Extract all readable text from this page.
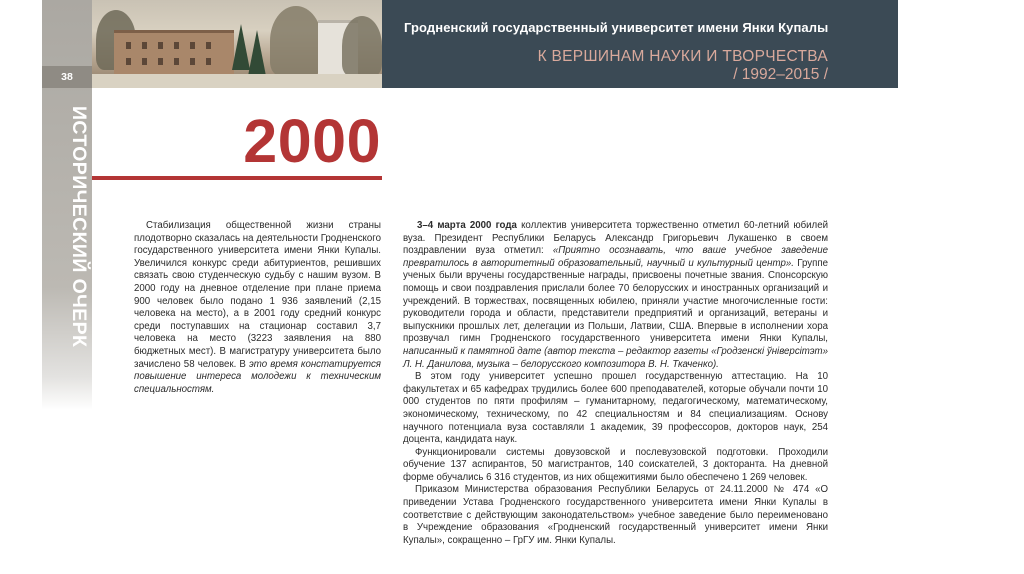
Гродненский государственный университет имени Янки Купалы
К ВЕРШИНАМ НАУКИ И ТВОРЧЕСТВА
/ 1992–2015 /
38
ИСТОРИЧЕСКИЙ ОЧЕРК	2000
Стабилизация общественной жизни страны плодотворно сказалась на деятельности Гродненского государственного университета имени Янки Купалы. Увеличился конкурс среди абитуриентов, решивших связать свою студенческую судьбу с нашим вузом. В 2000 году на дневное отделение при плане приема 900 человек было подано 1 936 заявлений (2,15 человека на место), а в 2001 году средний конкурс среди поступавших на стационар составил 3,7 человека на место (3223 заявления на 880 бюджетных мест). В магистратуру университета было зачислено 58 человек. В это время констатируется повышение интереса молодежи к техническим специальностям.

3–4 марта 2000 года коллектив университета торжественно отметил 60-летний юбилей вуза. Президент Республики Беларусь Александр Григорьевич Лукашенко в своем поздравлении вуза отметил: «Приятно осознавать, что ваше учебное заведение превратилось в авторитетный образовательный, научный и культурный центр». Группе ученых были вручены государственные награды, присвоены почетные звания. Спонсорскую помощь и свои поздравления прислали более 70 белорусских и иностранных организаций и учреждений. В торжествах, посвященных юбилею, приняли участие многочисленные гости: руководители города и области, представители предприятий и организаций, ветераны и выпускники прошлых лет, делегации из Польши, Латвии, США. Впервые в исполнении хора прозвучал гимн Гродненского государственного университета имени Янки Купалы, написанный к памятной дате (автор текста – редактор газеты «Гродзенскі ўніверсітэт» Л. Н. Данилова, музыка – белорусского композитора В. Н. Ткаченко).

В этом году университет успешно прошел государственную аттестацию. На 10 факультетах и 65 кафедрах трудились более 600 преподавателей, которые обучали почти 10 000 студентов по пяти профилям – гуманитарному, педагогическому, математическому, экономическому, техническому, по 42 специальностям и 84 специализациям. Основу научного потенциала вуза составляли 1 академик, 39 профессоров, докторов наук, 254 доцента, кандидата наук.

Функционировали системы довузовской и послевузовской подготовки. Проходили обучение 137 аспирантов, 50 магистрантов, 140 соискателей, 3 докторанта. На дневной форме обучались 6 316 студентов, из них общежитиями было обеспечено 1 269 человек.

Приказом Министерства образования Республики Беларусь от 24.11.2000 № 474 «О приведении Устава Гродненского государственного университета имени Янки Купалы в соответствие с действующим законодательством» учебное заведение было переименовано в Учреждение образования «Гродненский государственный университет имени Янки Купалы», сокращенно – ГрГУ им. Янки Купалы.
